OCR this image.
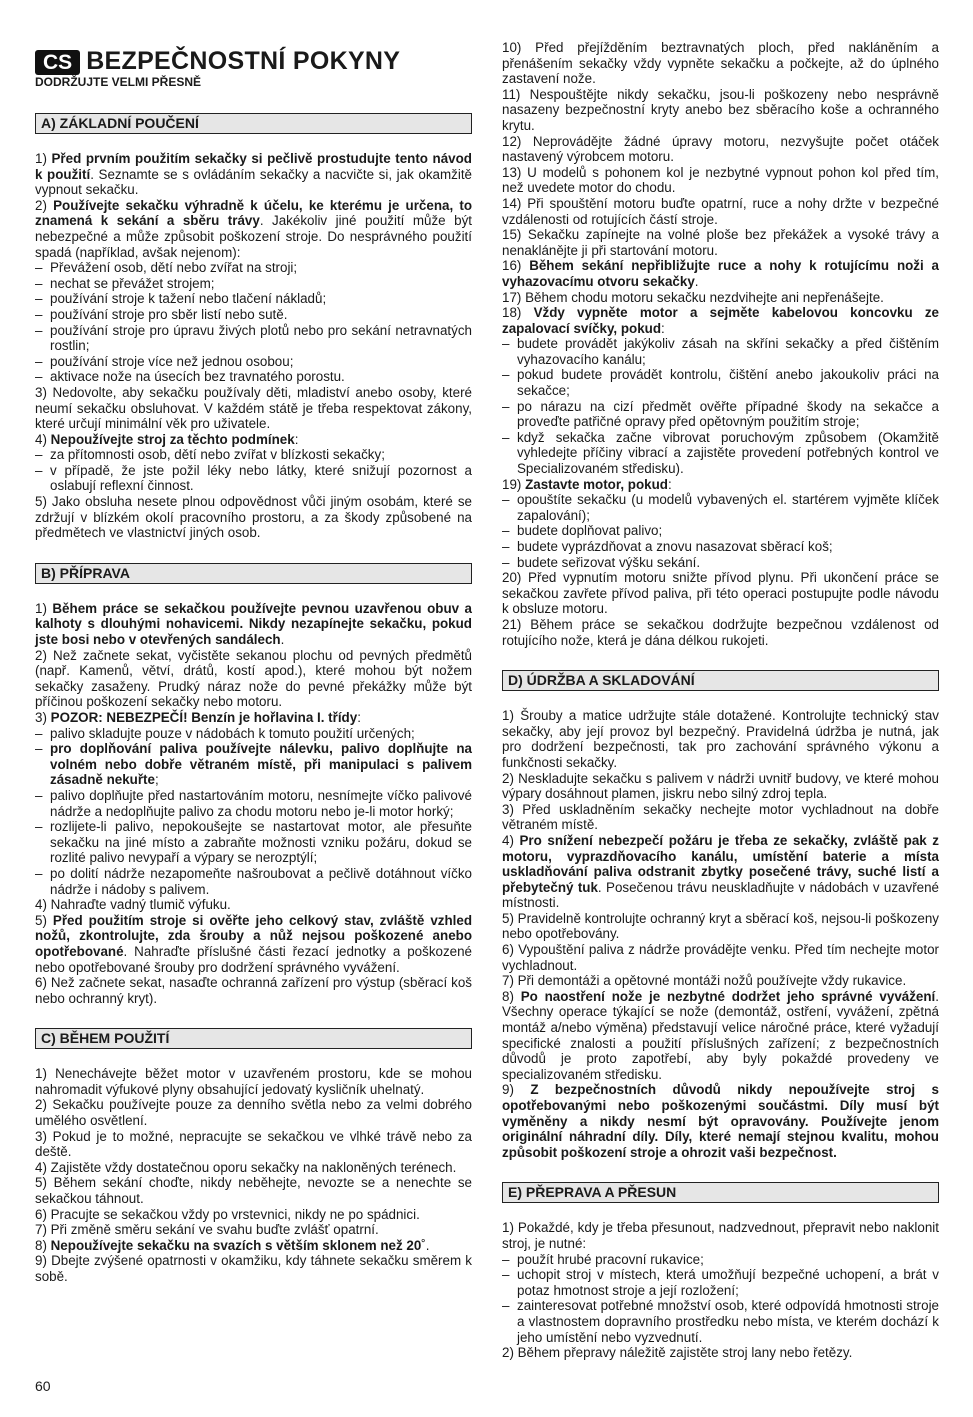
CS BEZPEČNOSTNÍ POKYNY
DODRŽUJTE VELMI PŘESNĚ
A) ZÁKLADNÍ POUČENÍ

1) Před prvním použitím sekačky si pečlivě prostudujte tento návod k použití. Seznamte se s ovládáním sekačky a nacvičte si, jak okamžitě vypnout sekačku.

2) Používejte sekačku výhradně k účelu, ke kterému je určena, to znamená k sekání a sběru trávy. Jakékoliv jiné použití může být nebezpečné a může způsobit poškození stroje. Do nesprávného použití spadá (například, avšak nejenom):

– Převážení osob, dětí nebo zvířat na stroji;
– nechat se převážet strojem;
– používání stroje k tažení nebo tlačení nákladů;
– používání stroje pro sběr listí nebo sutě.
– používání stroje pro úpravu živých plotů nebo pro sekání netravnatých rostlin;
– používání stroje více než jednou osobou;
– aktivace nože na úsecích bez travnatého porostu.

3) Nedovolte, aby sekačku používaly děti, mladiství anebo osoby, které neumí sekačku obsluhovat. V každém státě je třeba respektovat zákony, které určují minimální věk pro uživatele.

4) Nepoužívejte stroj za těchto podmínek:

– za přítomnosti osob, dětí nebo zvířat v blízkosti sekačky;
– v případě, že jste požil léky nebo látky, které snižují pozornost a oslabují reflexní činnost.

5) Jako obsluha nesete plnou odpovědnost vůči jiným osobám, které se zdržují v blízkém okolí pracovního prostoru, a za škody způsobené na předmětech ve vlastnictví jiných osob.

B) PŘÍPRAVA

1) Během práce se sekačkou používejte pevnou uzavřenou obuv a kalhoty s dlouhými nohavicemi. Nikdy nezapínejte sekačku, pokud jste bosi nebo v otevřených sandálech.

2) Než začnete sekat, vyčistěte sekanou plochu od pevných předmětů (např. Kamenů, větví, drátů, kostí apod.), které mohou být nožem sekačky zasaženy. Prudký náraz nože do pevné překážky může být příčinou poškození sekačky nebo motoru.

3) POZOR: NEBEZPEČÍ! Benzín je hořlavina I. třídy:

– palivo skladujte pouze v nádobách k tomuto použití určených;
– pro doplňování paliva používejte nálevku, palivo doplňujte na volném nebo dobře větraném místě, při manipulaci s palivem zásadně nekuřte;
– palivo doplňujte před nastartováním motoru, nesnímejte víčko palivové nádrže a nedoplňujte palivo za chodu motoru nebo je-li motor horký;
– rozlijete-li palivo, nepokoušejte se nastartovat motor, ale přesuňte sekačku na jiné místo a zabraňte možnosti vzniku požáru, dokud se rozlité palivo nevypaří a výpary se nerozptýlí;
– po dolití nádrže nezapomeňte našroubovat a pečlivě dotáhnout víčko nádrže i nádoby s palivem.

4) Nahraďte vadný tlumič výfuku.

5) Před použitím stroje si ověřte jeho celkový stav, zvláště vzhled nožů, zkontrolujte, zda šrouby a nůž nejsou poškozené anebo opotřebované. Nahraďte příslušné části řezací jednotky a poškozené nebo opotřebované šrouby pro dodržení správného vyvážení.

6) Než začnete sekat, nasaďte ochranná zařízení pro výstup (sběrací koš nebo ochranný kryt).

C) BĚHEM POUŽITÍ

1) Nenechávejte běžet motor v uzavřeném prostoru, kde se mohou nahromadit výfukové plyny obsahující jedovatý kysličník uhelnatý.

2) Sekačku používejte pouze za denního světla nebo za velmi dobrého umělého osvětlení.

3) Pokud je to možné, nepracujte se sekačkou ve vlhké trávě nebo za deště.

4) Zajistěte vždy dostatečnou oporu sekačky na nakloněných terénech.

5) Během sekání choďte, nikdy neběhejte, nevozte se a nenechte se sekačkou táhnout.

6) Pracujte se sekačkou vždy po vrstevnici, nikdy ne po spádnici.

7) Při změně směru sekání ve svahu buďte zvlášť opatrní.

8) Nepoužívejte sekačku na svazích s větším sklonem než 20˚.

9) Dbejte zvýšené opatrnosti v okamžiku, kdy táhnete sekačku směrem k sobě.

10) Před přejížděním beztravnatých ploch, před nakláněním a přenášením sekačky vždy vypněte sekačku a počkejte, až do úplného zastavení nože.

11) Nespouštějte nikdy sekačku, jsou-li poškozeny nebo nesprávně nasazeny bezpečnostní kryty anebo bez sběracího koše a ochranného krytu.

12) Neprovádějte žádné úpravy motoru, nezvyšujte počet otáček nastavený výrobcem motoru.

13) U modelů s pohonem kol je nezbytné vypnout pohon kol před tím, než uvedete motor do chodu.

14) Při spouštění motoru buďte opatrní, ruce a nohy držte v bezpečné vzdálenosti od rotujících částí stroje.

15) Sekačku zapínejte na volné ploše bez překážek a vysoké trávy a nenaklánějte ji při startování motoru.

16) Během sekání nepřibližujte ruce a nohy k rotujícímu noži a vyhazovacímu otvoru sekačky.

17) Během chodu motoru sekačku nezdvihejte ani nepřenášejte.

18) Vždy vypněte motor a sejměte kabelovou koncovku ze zapalovací svíčky, pokud:

– budete provádět jakýkoliv zásah na skříni sekačky a před čištěním vyhazovacího kanálu;
– pokud budete provádět kontrolu, čištění anebo jakoukoliv práci na sekačce;
– po nárazu na cizí předmět ověřte případné škody na sekačce a proveďte patřičné opravy před opětovným použitím stroje;
– když sekačka začne vibrovat poruchovým způsobem (Okamžitě vyhledejte příčiny vibrací a zajistěte provedení potřebných kontrol ve Specializovaném středisku).

19) Zastavte motor, pokud:

– opouštíte sekačku (u modelů vybavených el. startérem vyjměte klíček zapalování);
– budete doplňovat palivo;
– budete vyprázdňovat a znovu nasazovat sběrací koš;
– budete seřizovat výšku sekání.

20) Před vypnutím motoru snižte přívod plynu. Při ukončení práce se sekačkou zavřete přívod paliva, při této operaci postupujte podle návodu k obsluze motoru.

21) Během práce se sekačkou dodržujte bezpečnou vzdálenost od rotujícího nože, která je dána délkou rukojeti.

D) ÚDRŽBA A SKLADOVÁNÍ

1) Šrouby a matice udržujte stále dotažené. Kontrolujte technický stav sekačky, aby její provoz byl bezpečný. Pravidelná údržba je nutná, jak pro dodržení bezpečnosti, tak pro zachování správného výkonu a funkčnosti sekačky.

2) Neskladujte sekačku s palivem v nádrži uvnitř budovy, ve které mohou výpary dosáhnout plamen, jiskru nebo silný zdroj tepla.

3) Před uskladněním sekačky nechejte motor vychladnout na dobře větraném místě.

4) Pro snížení nebezpečí požáru je třeba ze sekačky, zvláště pak z motoru, vyprazdňovacího kanálu, umístění baterie a místa uskladňování paliva odstranit zbytky posečené trávy, suché listí a přebytečný tuk. Posečenou trávu neuskladňujte v nádobách v uzavřené místnosti.

5) Pravidelně kontrolujte ochranný kryt a sběrací koš, nejsou-li poškozeny nebo opotřebovány.

6) Vypouštění paliva z nádrže provádějte venku. Před tím nechejte motor vychladnout.

7) Při demontáži a opětovné montáži nožů používejte vždy rukavice.

8) Po naostření nože je nezbytné dodržet jeho správné vyvážení. Všechny operace týkající se nože (demontáž, ostření, vyvážení, zpětná montáž a/nebo výměna) představují velice náročné práce, které vyžadují specifické znalosti a použití příslušných zařízení; z bezpečnostních důvodů je proto zapotřebí, aby byly pokaždé provedeny ve specializovaném středisku.

9) Z bezpečnostních důvodů nikdy nepoužívejte stroj s opotřebovanými nebo poškozenými součástmi. Díly musí být vyměněny a nikdy nesmí být opravovány. Používejte jenom originální náhradní díly. Díly, které nemají stejnou kvalitu, mohou způsobit poškození stroje a ohrozit vaši bezpečnost.

E) PŘEPRAVA A PŘESUN

1) Pokaždé, kdy je třeba přesunout, nadzvednout, přepravit nebo naklonit stroj, je nutné:

– použít hrubé pracovní rukavice;
– uchopit stroj v místech, která umožňují bezpečné uchopení, a brát v potaz hmotnost stroje a její rozložení;
– zainteresovat potřebné množství osob, které odpovídá hmotnosti stroje a vlastnostem dopravního prostředku nebo místa, ve kterém dochází k jeho umístění nebo vyzvednutí.

2) Během přepravy náležitě zajistěte stroj lany nebo řetězy.

60
